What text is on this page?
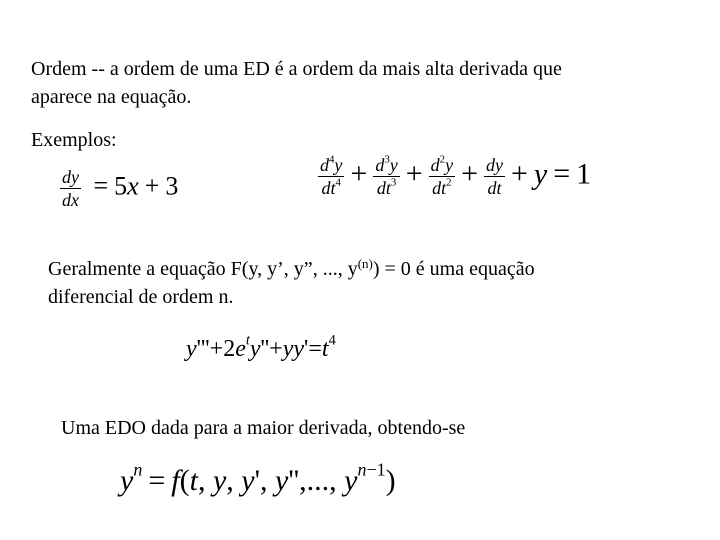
Ordem -- a ordem de uma ED é a ordem da mais alta derivada que
aparece na equação.
Exemplos:
$\frac{dy}{dx} = 5x + 3$	$\frac{d^4y}{dt^4} + \frac{d^3y}{dt^3} + \frac{d^2y}{dt^2} + \frac{dy}{dt} + y = 1$
Geralmente a equação F(y, y’, y”, ..., $y^{(n)}) = 0$ é uma equação
diferencial de ordem n.
$y'''+2e^ty''+yy'=t^4$
Uma EDO dada para a maior derivada, obtendo-se
$y^n = f(t$, y, y', y'',..., $y^{n-1}$)
